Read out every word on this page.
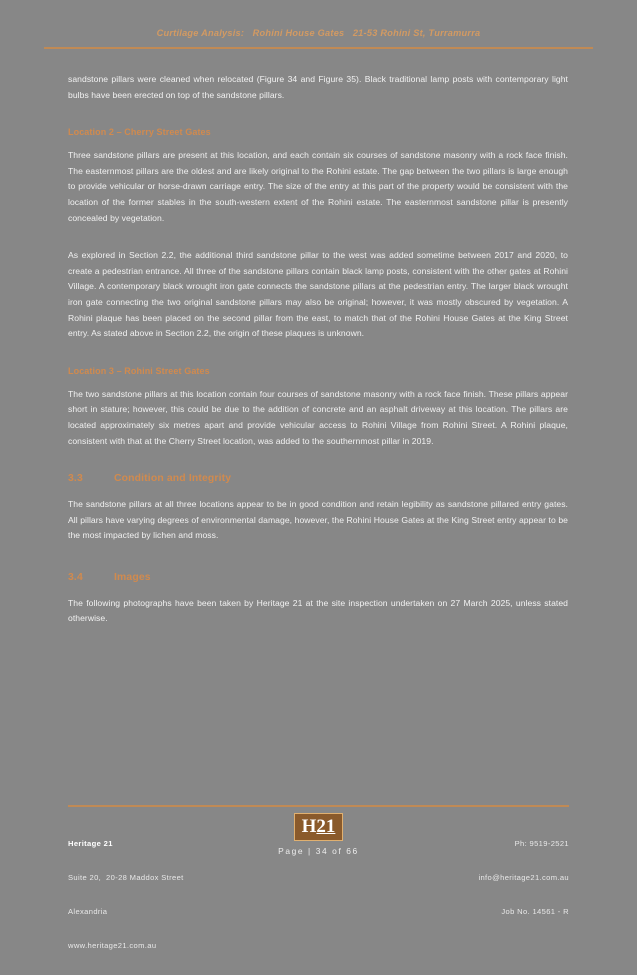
Curtilage Analysis:   Rohini House Gates   21-53 Rohini St, Turramurra

sandstone pillars were cleaned when relocated (Figure 34 and Figure 35). Black traditional lamp posts with contemporary light bulbs have been erected on top of the sandstone pillars.

Location 2 – Cherry Street Gates

Three sandstone pillars are present at this location, and each contain six courses of sandstone masonry with a rock face finish. The easternmost pillars are the oldest and are likely original to the Rohini estate. The gap between the two pillars is large enough to provide vehicular or horse-drawn carriage entry. The size of the entry at this part of the property would be consistent with the location of the former stables in the south-western extent of the Rohini estate. The easternmost sandstone pillar is presently concealed by vegetation.

As explored in Section 2.2, the additional third sandstone pillar to the west was added sometime between 2017 and 2020, to create a pedestrian entrance. All three of the sandstone pillars contain black lamp posts, consistent with the other gates at Rohini Village. A contemporary black wrought iron gate connects the sandstone pillars at the pedestrian entry. The larger black wrought iron gate connecting the two original sandstone pillars may also be original; however, it was mostly obscured by vegetation. A Rohini plaque has been placed on the second pillar from the east, to match that of the Rohini House Gates at the King Street entry. As stated above in Section 2.2, the origin of these plaques is unknown.

Location 3 – Rohini Street Gates

The two sandstone pillars at this location contain four courses of sandstone masonry with a rock face finish. These pillars appear short in stature; however, this could be due to the addition of concrete and an asphalt driveway at this location. The pillars are located approximately six metres apart and provide vehicular access to Rohini Village from Rohini Street. A Rohini plaque, consistent with that at the Cherry Street location, was added to the southernmost pillar in 2019.

3.3	Condition and Integrity

The sandstone pillars at all three locations appear to be in good condition and retain legibility as sandstone pillared entry gates. All pillars have varying degrees of environmental damage, however, the Rohini House Gates at the King Street entry appear to be the most impacted by lichen and moss.

3.4	Images

The following photographs have been taken by Heritage 21 at the site inspection undertaken on 27 March 2025, unless stated otherwise.

Heritage 21

Suite 20,  20-28 Maddox Street

Alexandria

www.heritage21.com.au

Ph: 9519-2521

info@heritage21.com.au

Job No. 14561 - R

H21
Page | 34 of 66
